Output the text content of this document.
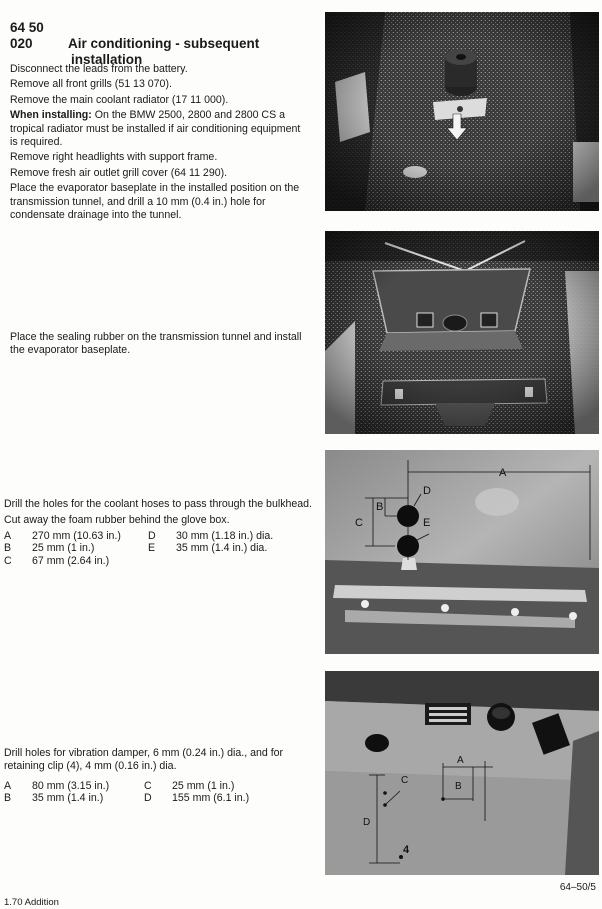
64 50 020	Air conditioning - subsequent
installation

Disconnect the leads from the battery.

Remove all front grills (51 13 070).

Remove the main coolant radiator (17 11 000).

When installing: On the BMW 2500, 2800 and 2800 CS a tropical radiator must be installed if air conditioning equipment is required.

Remove right headlights with support frame.

Remove fresh air outlet grill cover (64 11 290).

Place the evaporator baseplate in the installed position on the transmission tunnel, and drill a 10 mm (0.4 in.) hole for condensate drainage into the tunnel.

Place the sealing rubber on the transmission tunnel and install the evaporator baseplate.

Drill the holes for the coolant hoses to pass through the bulkhead.

Cut away the foam rubber behind the glove box.

A	270 mm (10.63 in.)	D	30 mm (1.18 in.) dia.
B	25 mm (1 in.)	E	35 mm (1.4 in.) dia.
C	67 mm (2.64 in.)		

Drill holes for vibration damper, 6 mm (0.24 in.) dia., and for retaining clip (4), 4 mm (0.16 in.) dia.

A	80 mm (3.15 in.)	C	25 mm (1 in.)
B	35 mm (1.4 in.)	D	155 mm (6.1 in.)
A
B
C
D
E
A
B
C
D
4
64–50/5
1.70 Addition
